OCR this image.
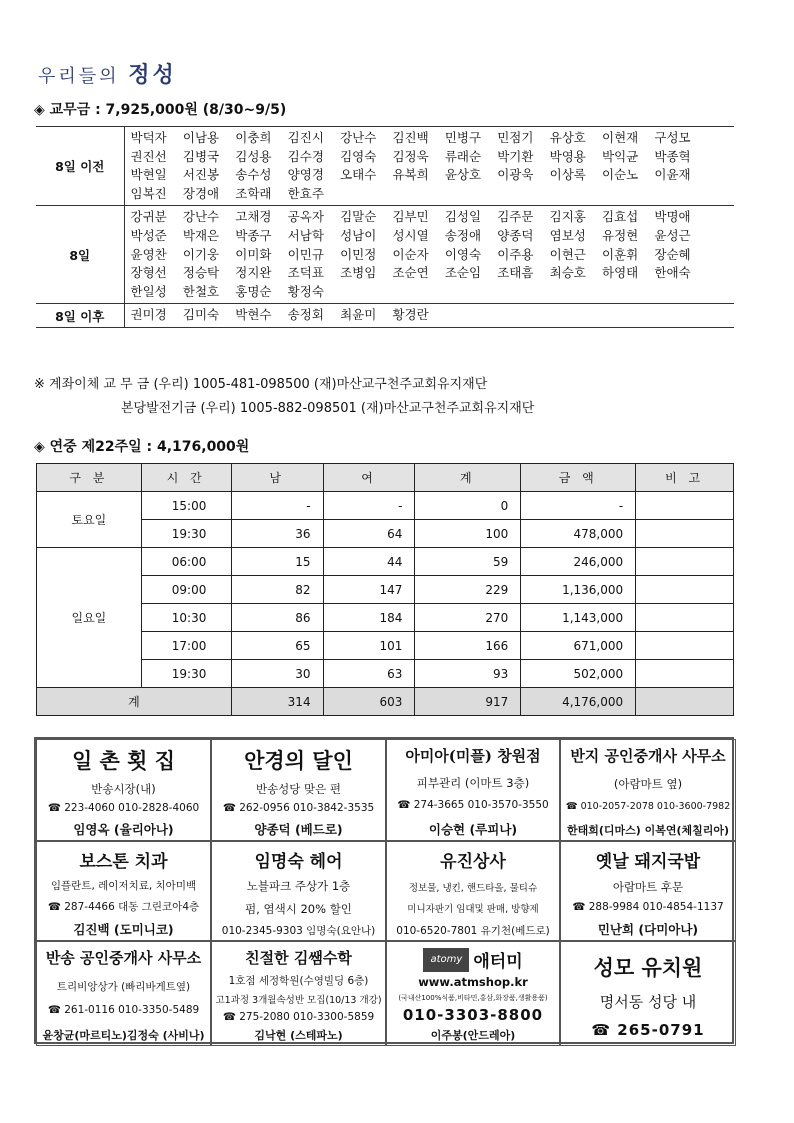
우리들의 정성
◈ 교무금 : 7,925,000원 (8/30~9/5)
8일 이전	박덕자 이남용 이충희 김진시 강난수 김진백 민병구 민점기 유상호 이현재 구성모권진선 김병국 김성용 김수경 김영숙 김정욱 류래순 박기환 박영용 박익균 박종혁박현일 서진봉 송수성 양영경 오태수 유복희 윤상호 이광욱 이상록 이순노 이윤재임복진 장경애 조학래 한효주
8일	강귀분 강난수 고채경 공옥자 김말순 김부민 김성일 김주문 김지홍 김효섭 박명애박성준 박재은 박종구 서남학 성남이 성시열 송정애 양종덕 염보성 유정현 윤성근윤영찬 이기웅 이미화 이민규 이민정 이순자 이영숙 이주용 이현근 이훈휘 장순혜장형선 정승탁 정지완 조덕표 조병임 조순연 조순임 조태흠 최승호 하영태 한애숙한일성 한철호 홍명순 황정숙
8일 이후	권미경 김미숙 박현수 송정회 최윤미 황경란
※ 계좌이체 교 무 금 (우리) 1005-481-098500 (재)마산교구천주교회유지재단
본당발전기금 (우리) 1005-882-098501 (재)마산교구천주교회유지재단
◈ 연중 제22주일 : 4,176,000원
구 분	시 간	남	여	계	금 액	비 고
토요일	15:00	-	-	0	-	
	19:30	36	64	100	478,000	
일요일	06:00	15	44	59	246,000	
	09:00	82	147	229	1,136,000	
	10:30	86	184	270	1,143,000	
	17:00	65	101	166	671,000	
	19:30	30	63	93	502,000	
계		314	603	917	4,176,000	
일 촌 횟 집
반송시장(내)
☎ 223-4060 010-2828-4060
임영옥 (율리아나)
안경의 달인
반송성당 맞은 편
☎ 262-0956 010-3842-3535
양종덕 (베드로)
아미아(미플) 창원점
피부관리 (이마트 3층)
☎ 274-3665 010-3570-3550
이승현 (루피나)
반지 공인중개사 사무소
(아람마트 옆)
☎ 010-2057-2078 010-3600-7982
한태희(디마스) 이복연(체칠리아)
보스톤 치과
임플란트, 레이저치료, 치아미백
☎ 287-4466 대동 그린코아4층
김진백 (도미니코)
임명숙 헤어
노블파크 주상가 1층
펌, 염색시 20% 할인
010-2345-9303 임명숙(요안나)
유진상사
정보물, 냉킨, 핸드타올, 물티슈
미니자판기 임대및 판매, 방향제
010-6520-7801 유기천(베드로)
옛날 돼지국밥
아람마트 후문
☎ 288-9984 010-4854-1137
민난희 (다미아나)
반송 공인중개사 사무소
트리비앙상가 (빠리바게트옆)
☎ 261-0116 010-3350-5489
윤창균(마르티노)김정숙 (사비나)
친절한 김쌤수학
1호점 세정학원(수영빌딩 6층)
고1과정 3개월속성반 모집(10/13 개강)
☎ 275-2080 010-3300-5859
김낙현 (스테파노)
atomy 애터미
www.atmshop.kr
(국내산100%식품,비타민,홍삼,화장품,생활용품)
010-3303-8800
이주봉(안드레아)
성모 유치원
명서동 성당 내
☎ 265-0791
